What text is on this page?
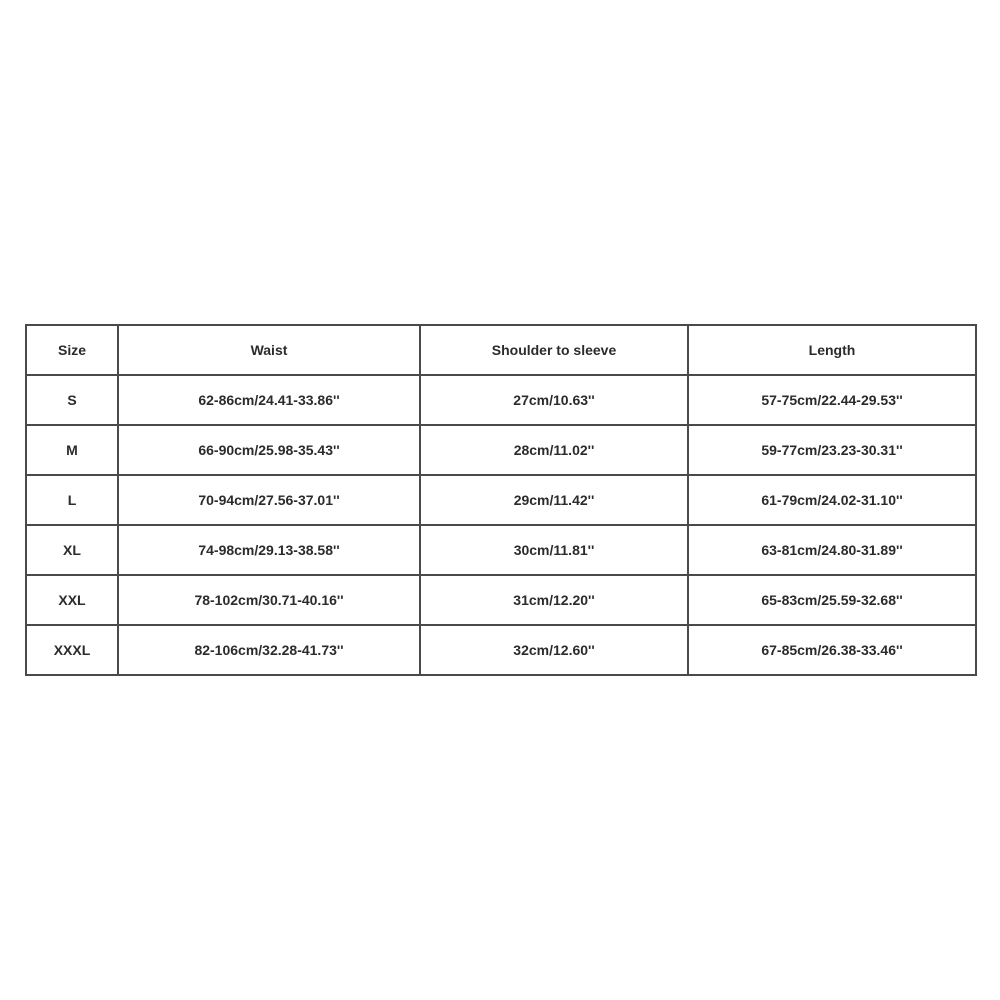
Size	Waist	Shoulder to sleeve	Length
S	62-86cm/24.41-33.86''	27cm/10.63''	57-75cm/22.44-29.53''
M	66-90cm/25.98-35.43''	28cm/11.02''	59-77cm/23.23-30.31''
L	70-94cm/27.56-37.01''	29cm/11.42''	61-79cm/24.02-31.10''
XL	74-98cm/29.13-38.58''	30cm/11.81''	63-81cm/24.80-31.89''
XXL	78-102cm/30.71-40.16''	31cm/12.20''	65-83cm/25.59-32.68''
XXXL	82-106cm/32.28-41.73''	32cm/12.60''	67-85cm/26.38-33.46''
